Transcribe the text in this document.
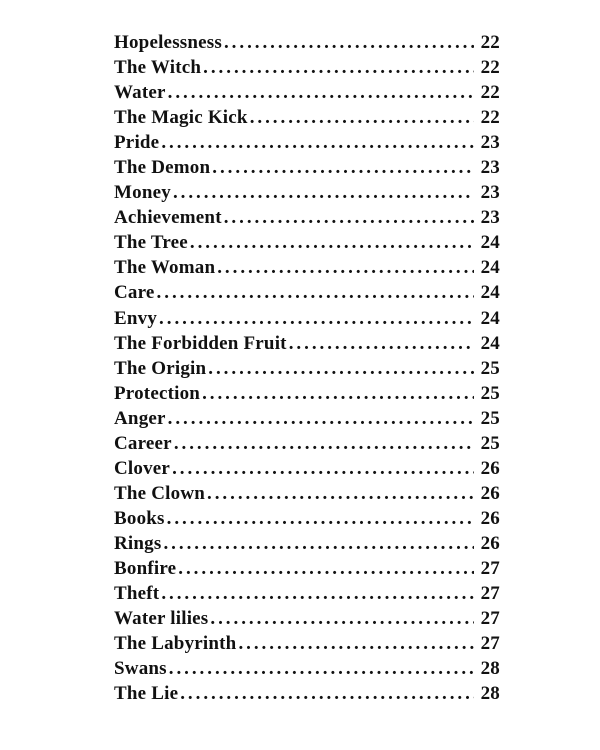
Hopelessness . . .	22
The Witch . . .	22
Water . . .	22
The Magic Kick . . .	22
Pride . . .	23
The Demon . . .	23
Money . . .	23
Achievement . . .	23
The Tree . . .	24
The Woman . . .	24
Care . . .	24
Envy . . .	24
The Forbidden Fruit . . .	24
The Origin . . .	25
Protection . . .	25
Anger . . .	25
Career . . .	25
Clover . . .	26
The Clown . . .	26
Books . . .	26
Rings . . .	26
Bonfire . . .	27
Theft . . .	27
Water lilies . . .	27
The Labyrinth . . .	27
Swans . . .	28
The Lie . . .	28
